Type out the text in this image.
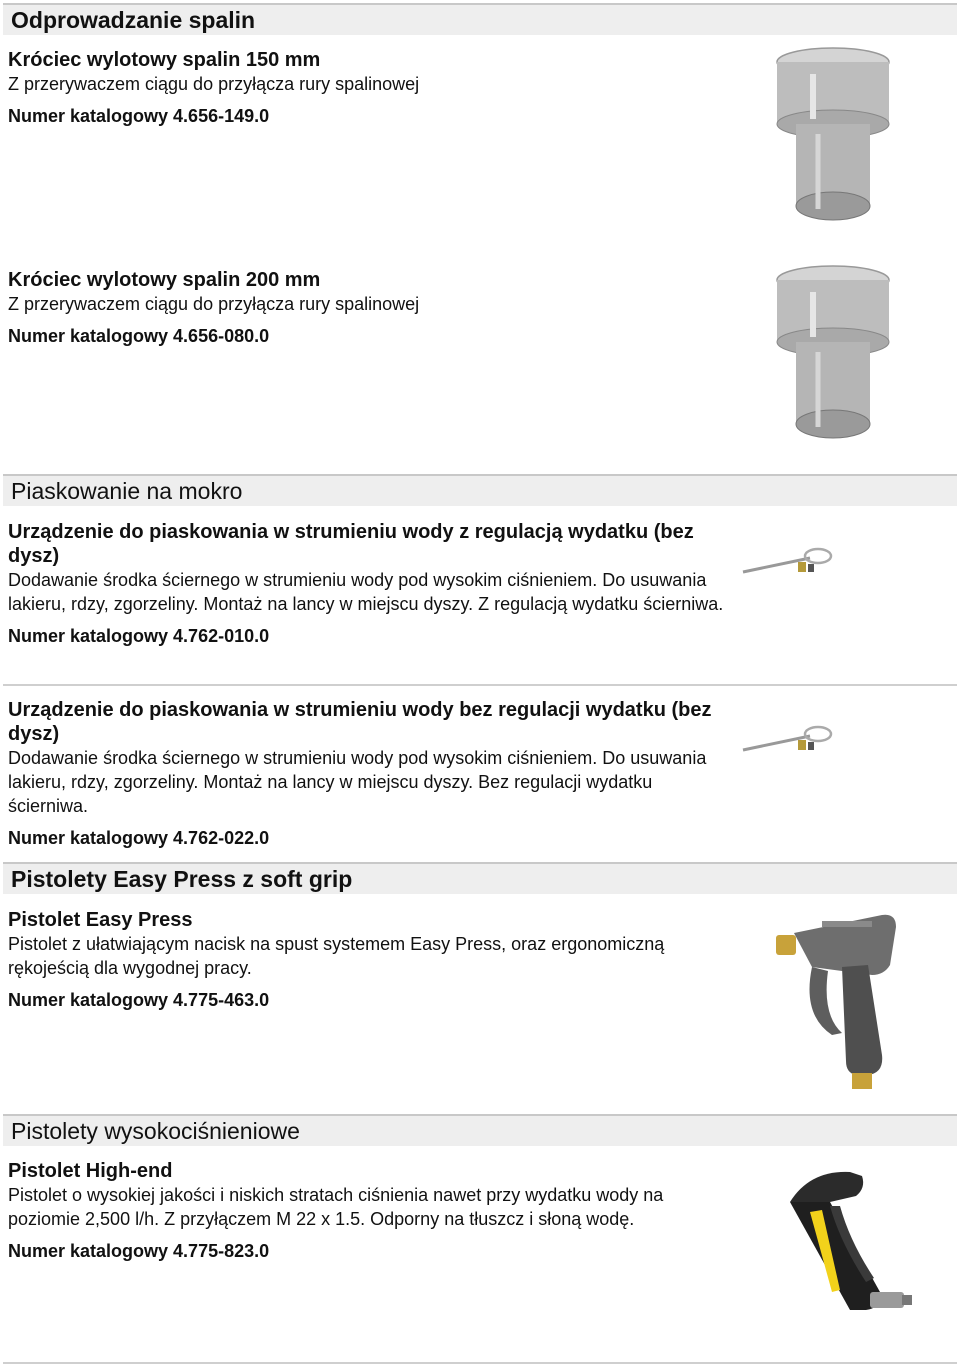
Odprowadzanie spalin

Króciec wylotowy spalin 150 mm

Z przerywaczem ciągu do przyłącza rury spalinowej

Numer katalogowy 4.656-149.0

Króciec wylotowy spalin 200 mm

Z przerywaczem ciągu do przyłącza rury spalinowej

Numer katalogowy 4.656-080.0
Piaskowanie na mokro

Urządzenie do piaskowania w strumieniu wody z regulacją wydatku (bez dysz)

Dodawanie środka ściernego w strumieniu wody pod wysokim ciśnieniem. Do usuwania lakieru, rdzy, zgorzeliny. Montaż na lancy w miejscu dyszy. Z regulacją wydatku ścierniwa.

Numer katalogowy 4.762-010.0

Urządzenie do piaskowania w strumieniu wody bez regulacji wydatku (bez dysz)

Dodawanie środka ściernego w strumieniu wody pod wysokim ciśnieniem. Do usuwania lakieru, rdzy, zgorzeliny. Montaż na lancy w miejscu dyszy. Bez regulacji wydatku ścierniwa.

Numer katalogowy 4.762-022.0
Pistolety Easy Press z soft grip

Pistolet Easy Press

Pistolet z ułatwiającym nacisk na spust systemem Easy Press, oraz ergonomiczną rękojeścią dla wygodnej pracy.

Numer katalogowy 4.775-463.0
Pistolety wysokociśnieniowe

Pistolet High-end

Pistolet o wysokiej jakości i niskich stratach ciśnienia nawet przy wydatku wody na poziomie 2,500 l/h. Z przyłączem M 22 x 1.5. Odporny na tłuszcz i słoną wodę.

Numer katalogowy 4.775-823.0
